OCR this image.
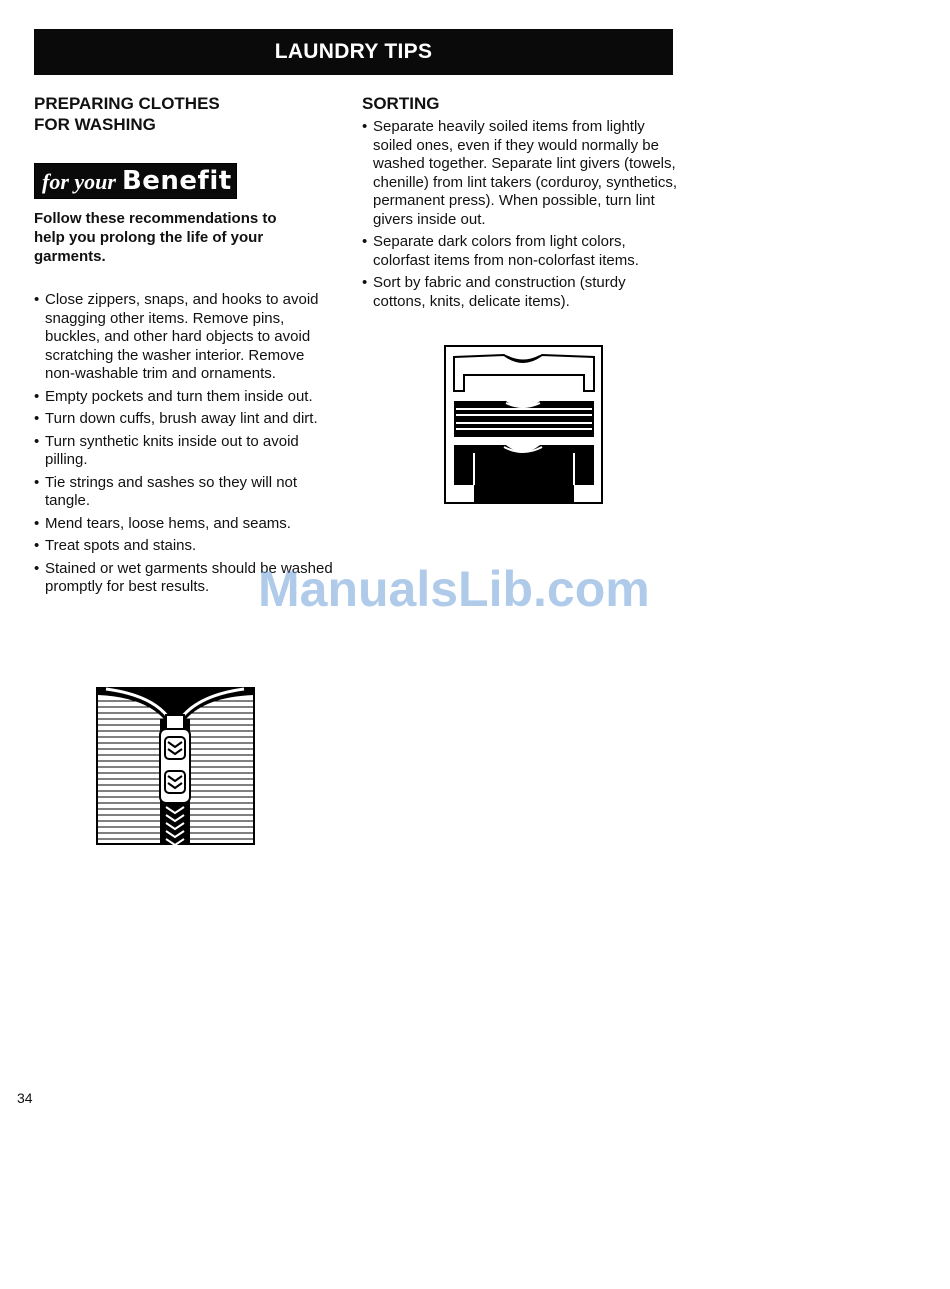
LAUNDRY TIPS
PREPARING CLOTHES
FOR WASHING
for your Benefit
Follow these recommendations to help you prolong the life of your garments.
• Close zippers, snaps, and hooks to avoid snagging other items. Remove pins, buckles, and other hard objects to avoid scratching the washer interior. Remove non-washable trim and ornaments.
• Empty pockets and turn them inside out.
• Turn down cuffs, brush away lint and dirt.
• Turn synthetic knits inside out to avoid pilling.
• Tie strings and sashes so they will not tangle.
• Mend tears, loose hems, and seams.
• Treat spots and stains.
• Stained or wet garments should be washed promptly for best results.
SORTING
• Separate heavily soiled items from lightly soiled ones, even if they would normally be washed together. Separate lint givers (towels, chenille) from lint takers (corduroy, synthetics, permanent press). When possible, turn lint givers inside out.
• Separate dark colors from light colors, colorfast items from non-colorfast items.
• Sort by fabric and construction (sturdy cottons, knits, delicate items).
ManualsLib.com
34
